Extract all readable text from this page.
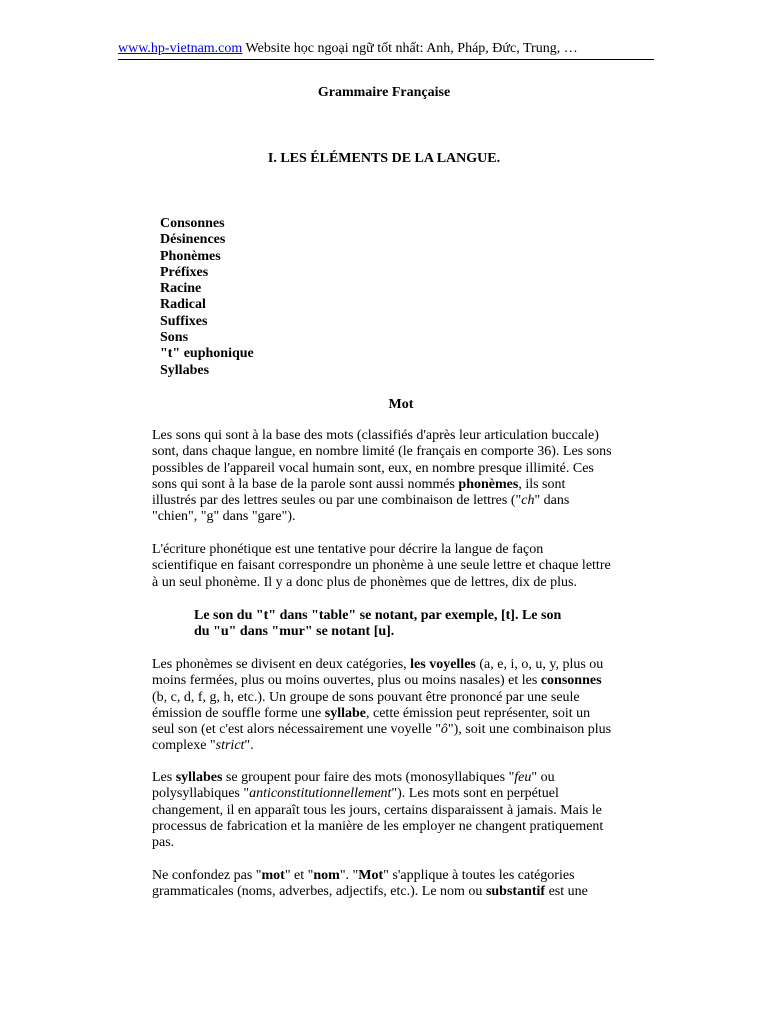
www.hp-vietnam.com Website học ngoại ngữ tốt nhất: Anh, Pháp, Đức, Trung, …
Grammaire Française
I. LES ÉLÉMENTS DE LA LANGUE.
Consonnes
Désinences
Phonèmes
Préfixes
Racine
Radical
Suffixes
Sons
"t" euphonique
Syllabes
Mot
Les sons qui sont à la base des mots (classifiés d'après leur articulation buccale)
sont, dans chaque langue, en nombre limité (le français en comporte 36). Les sons
possibles de l'appareil vocal humain sont, eux, en nombre presque illimité. Ces
sons qui sont à la base de la parole sont aussi nommés phonèmes, ils sont
illustrés par des lettres seules ou par une combinaison de lettres ("ch" dans
"chien", "g" dans "gare").
L'écriture phonétique est une tentative pour décrire la langue de façon
scientifique en faisant correspondre un phonème à une seule lettre et chaque lettre
à un seul phonème. Il y a donc plus de phonèmes que de lettres, dix de plus.
Le son du "t" dans "table" se notant, par exemple, [t]. Le son
du "u" dans "mur" se notant [u].
Les phonèmes se divisent en deux catégories, les voyelles (a, e, i, o, u, y, plus ou
moins fermées, plus ou moins ouvertes, plus ou moins nasales) et les consonnes
(b, c, d, f, g, h, etc.). Un groupe de sons pouvant être prononcé par une seule
émission de souffle forme une syllabe, cette émission peut représenter, soit un
seul son (et c'est alors nécessairement une voyelle "ô"), soit une combinaison plus
complexe "strict".
Les syllabes se groupent pour faire des mots (monosyllabiques "feu" ou
polysyllabiques "anticonstitutionnellement"). Les mots sont en perpétuel
changement, il en apparaît tous les jours, certains disparaissent à jamais. Mais le
processus de fabrication et la manière de les employer ne changent pratiquement
pas.
Ne confondez pas "mot" et "nom". "Mot" s'applique à toutes les catégories
grammaticales (noms, adverbes, adjectifs, etc.). Le nom ou substantif est une
